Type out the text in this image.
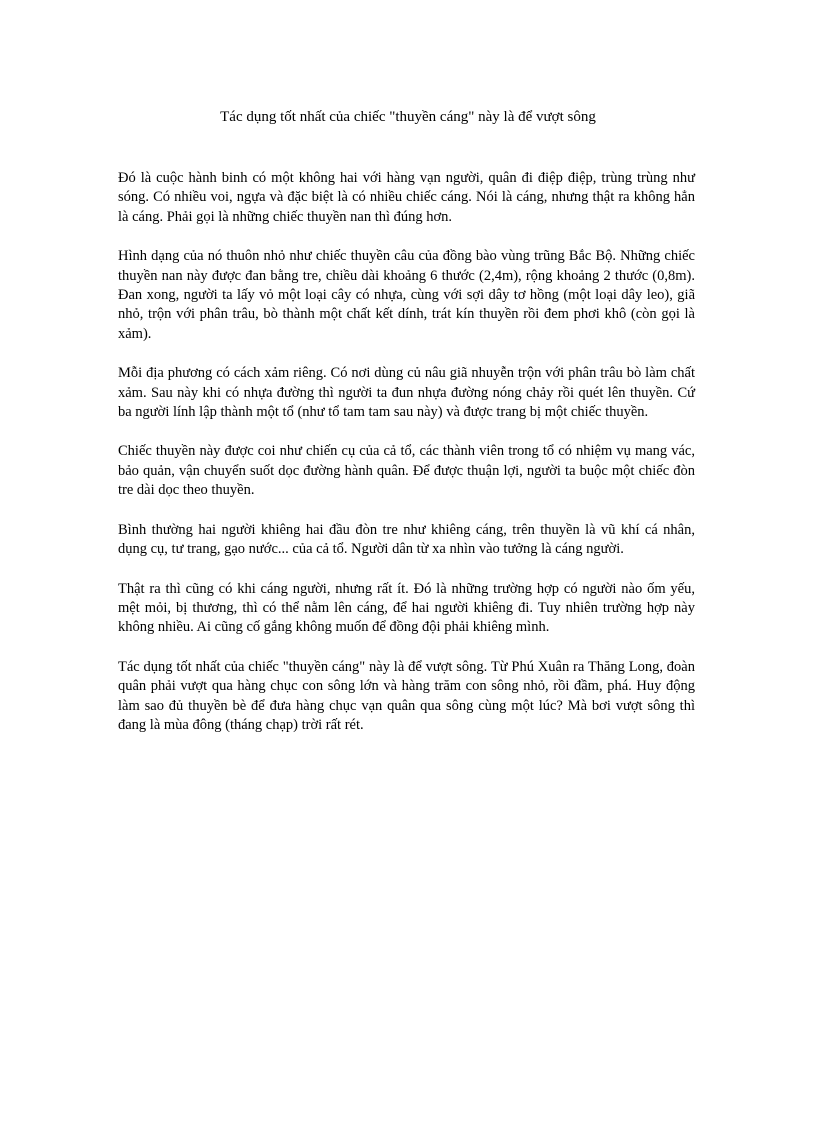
Tác dụng tốt nhất của chiếc "thuyền cáng" này là để vượt sông

Đó là cuộc hành binh có một không hai với hàng vạn người, quân đi điệp điệp, trùng trùng như sóng. Có nhiều voi, ngựa và đặc biệt là có nhiều chiếc cáng. Nói là cáng, nhưng thật ra không hẳn là cáng. Phải gọi là những chiếc thuyền nan thì đúng hơn.

Hình dạng của nó thuôn nhỏ như chiếc thuyền câu của đồng bào vùng trũng Bắc Bộ. Những chiếc thuyền nan này được đan bằng tre, chiều dài khoảng 6 thước (2,4m), rộng khoảng 2 thước (0,8m). Đan xong, người ta lấy vỏ một loại cây có nhựa, cùng với sợi dây tơ hồng (một loại dây leo), giã nhỏ, trộn với phân trâu, bò thành một chất kết dính, trát kín thuyền rồi đem phơi khô (còn gọi là xảm).

Mỗi địa phương có cách xảm riêng. Có nơi dùng củ nâu giã nhuyễn trộn với phân trâu bò làm chất xảm. Sau này khi có nhựa đường thì người ta đun nhựa đường nóng chảy rồi quét lên thuyền. Cứ ba người lính lập thành một tổ (như tổ tam tam sau này) và được trang bị một chiếc thuyền.

Chiếc thuyền này được coi như chiến cụ của cả tổ, các thành viên trong tổ có nhiệm vụ mang vác, bảo quản, vận chuyển suốt dọc đường hành quân. Để được thuận lợi, người ta buộc một chiếc đòn tre dài dọc theo thuyền.

Bình thường hai người khiêng hai đầu đòn tre như khiêng cáng, trên thuyền là vũ khí cá nhân, dụng cụ, tư trang, gạo nước... của cả tổ. Người dân từ xa nhìn vào tưởng là cáng người.

Thật ra thì cũng có khi cáng người, nhưng rất ít. Đó là những trường hợp có người nào ốm yếu, mệt mỏi, bị thương, thì có thể nằm lên cáng, để hai người khiêng đi. Tuy nhiên trường hợp này không nhiều. Ai cũng cố gắng không muốn để đồng đội phải khiêng mình.

Tác dụng tốt nhất của chiếc "thuyền cáng" này là để vượt sông. Từ Phú Xuân ra Thăng Long, đoàn quân phải vượt qua hàng chục con sông lớn và hàng trăm con sông nhỏ, rồi đầm, phá. Huy động làm sao đủ thuyền bè để đưa hàng chục vạn quân qua sông cùng một lúc? Mà bơi vượt sông thì đang là mùa đông (tháng chạp) trời rất rét.
